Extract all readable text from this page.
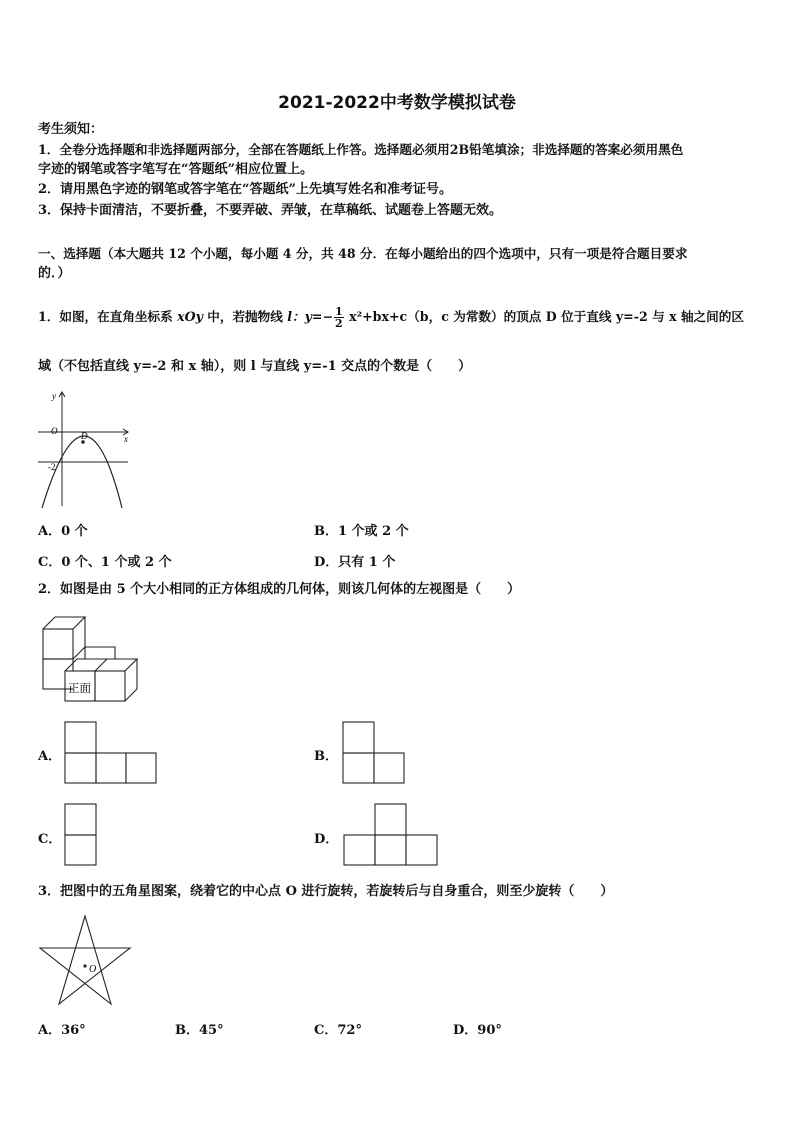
2021-2022中考数学模拟试卷
考生须知：
1．全卷分选择题和非选择题两部分，全部在答题纸上作答。选择题必须用2B铅笔填涂；非选择题的答案必须用黑色
字迹的钢笔或答字笔写在“答题纸”相应位置上。
2．请用黑色字迹的钢笔或答字笔在“答题纸”上先填写姓名和准考证号。
3．保持卡面清洁，不要折叠，不要弄破、弄皱，在草稿纸、试题卷上答题无效。
一、选择题（本大题共 12 个小题，每小题 4 分，共 48 分．在每小题给出的四个选项中，只有一项是符合题目要求
的．）
1．如图，在直角坐标系 xOy 中，若抛物线 l：$y=- \frac{1}{2} x^2+bx+c(b$，c 为常数）的顶点 D 位于直线 y=-2 与 x 轴之间的区
域（不包括直线 y=-2 和 x 轴），则 l 与直线 y=-1 交点的个数是（　　）
y
x
O	D
-2
A．0 个	B．1 个或 2 个
C．0 个、1 个或 2 个	D．只有 1 个
2．如图是由 5 个大小相同的正方体组成的几何体，则该几何体的左视图是（　　）
正面
A．	B．
C．	D．
3．把图中的五角星图案，绕着它的中心点 O 进行旋转，若旋转后与自身重合，则至少旋转（　　）
O
A．36°	B．45°	C．72°	D．90°
